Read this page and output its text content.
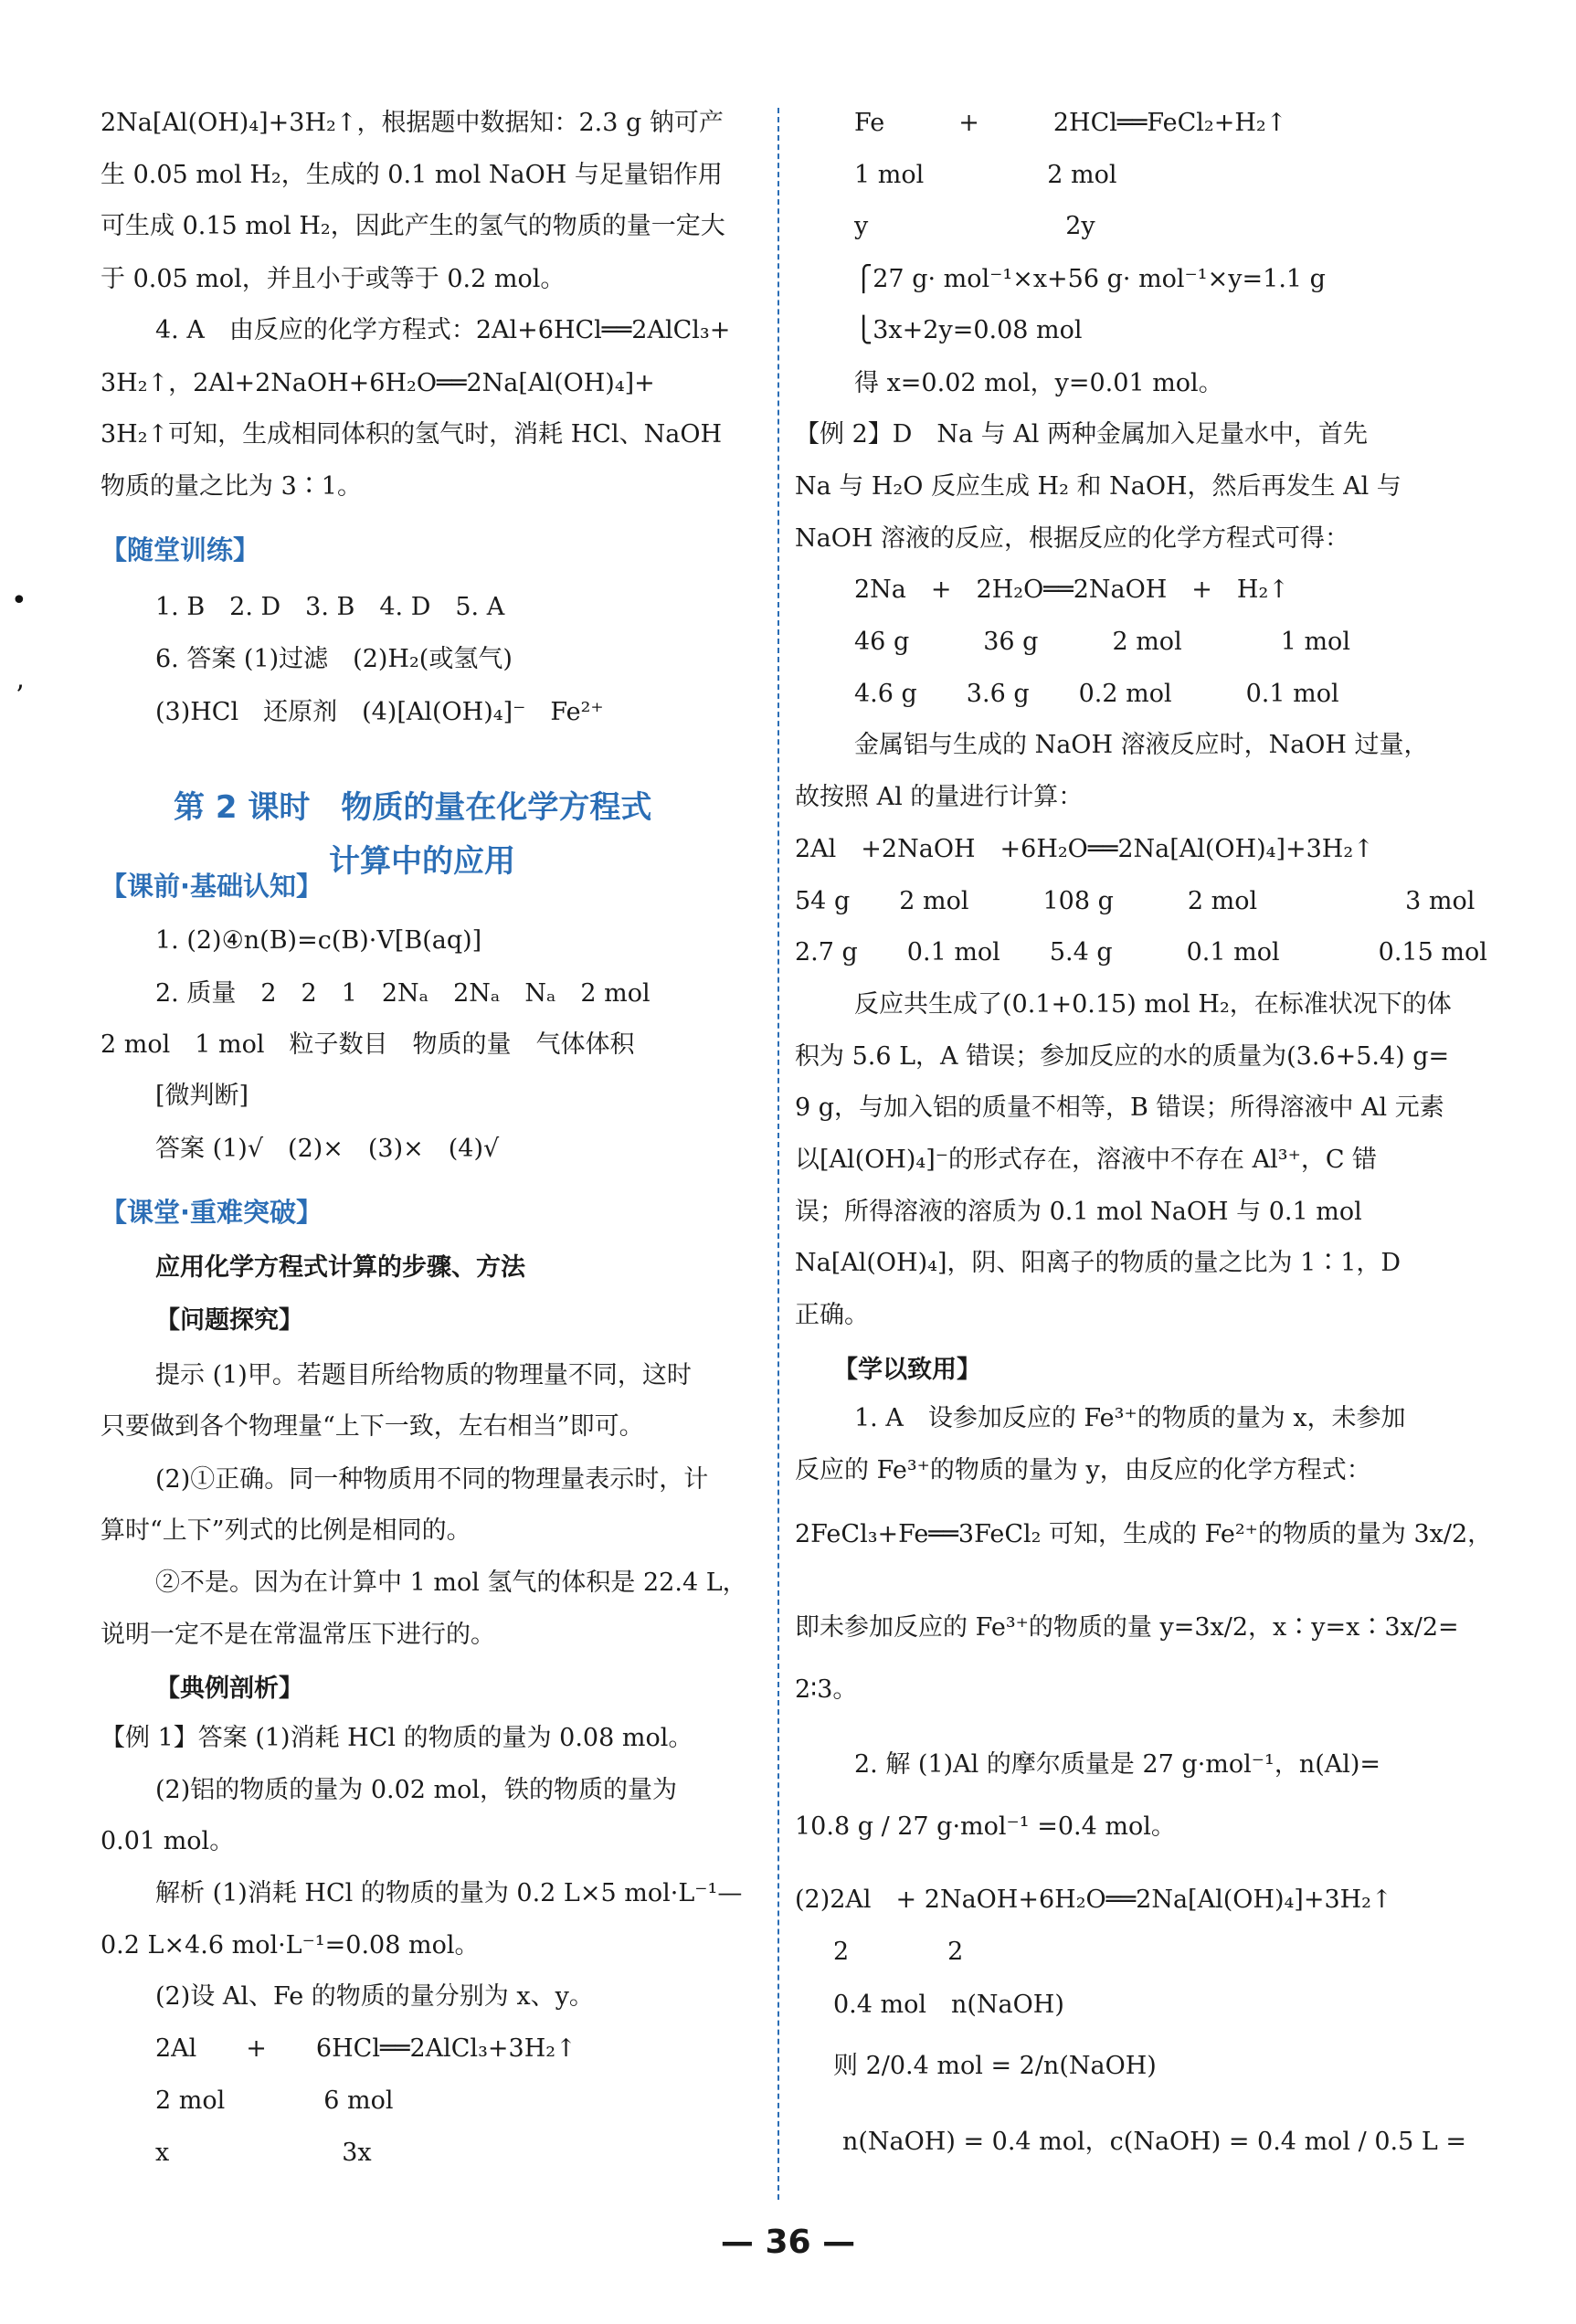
2Na[Al(OH)₄]+3H₂↑，根据题中数据知：2.3 g 钠可产
生 0.05 mol H₂，生成的 0.1 mol NaOH 与足量铝作用
可生成 0.15 mol H₂，因此产生的氢气的物质的量一定大
于 0.05 mol，并且小于或等于 0.2 mol。
4. A　由反应的化学方程式：2Al+6HCl══2AlCl₃+
3H₂↑，2Al+2NaOH+6H₂O══2Na[Al(OH)₄]+
3H₂↑可知，生成相同体积的氢气时，消耗 HCl、NaOH
物质的量之比为 3∶1。
1. B　2. D　3. B　4. D　5. A
6. 答案 (1)过滤　(2)H₂(或氢气)
(3)HCl　还原剂　(4)[Al(OH)₄]⁻　Fe²⁺
1. (2)④n(B)=c(B)·V[B(aq)]
2. 质量　2　2　1　2Nₐ　2Nₐ　Nₐ　2 mol
2 mol　1 mol　粒子数目　物质的量　气体体积
[微判断]
答案 (1)√　(2)×　(3)×　(4)√
提示 (1)甲。若题目所给物质的物理量不同，这时
只要做到各个物理量“上下一致，左右相当”即可。
(2)①正确。同一种物质用不同的物理量表示时，计
算时“上下”列式的比例是相同的。
②不是。因为在计算中 1 mol 氢气的体积是 22.4 L，
说明一定不是在常温常压下进行的。
【例 1】答案 (1)消耗 HCl 的物质的量为 0.08 mol。
(2)铝的物质的量为 0.02 mol，铁的物质的量为
0.01 mol。
解析 (1)消耗 HCl 的物质的量为 0.2 L×5 mol·L⁻¹—
0.2 L×4.6 mol·L⁻¹=0.08 mol。
(2)设 Al、Fe 的物质的量分别为 x、y。
2Al　　+　　6HCl══2AlCl₃+3H₂↑
2 mol　　　　6 mol
x　　　　　　　3x
【随堂训练】
【课前·基础认知】
【课堂·重难突破】
应用化学方程式计算的步骤、方法
【问题探究】
【典例剖析】
第 2 课时　物质的量在化学方程式
计算中的应用
Fe　　　+　　　2HCl══FeCl₂+H₂↑
1 mol　　　　　2 mol
y　　　　　　　　2y
⎧27 g· mol⁻¹×x+56 g· mol⁻¹×y=1.1 g
⎩3x+2y=0.08 mol
得 x=0.02 mol，y=0.01 mol。
【例 2】D　Na 与 Al 两种金属加入足量水中，首先
Na 与 H₂O 反应生成 H₂ 和 NaOH，然后再发生 Al 与
NaOH 溶液的反应，根据反应的化学方程式可得：
2Na　+　2H₂O══2NaOH　+　H₂↑
46 g　　　36 g　　　2 mol　　　　1 mol
4.6 g　　3.6 g　　0.2 mol　　　0.1 mol
金属铝与生成的 NaOH 溶液反应时，NaOH 过量，
故按照 Al 的量进行计算：
2Al　+2NaOH　+6H₂O══2Na[Al(OH)₄]+3H₂↑
54 g　　2 mol　　　108 g　　　2 mol　　　　　　3 mol
2.7 g　　0.1 mol　　5.4 g　　　0.1 mol　　　　0.15 mol
反应共生成了(0.1+0.15) mol H₂，在标准状况下的体
积为 5.6 L，A 错误；参加反应的水的质量为(3.6+5.4) g=
9 g，与加入铝的质量不相等，B 错误；所得溶液中 Al 元素
以[Al(OH)₄]⁻的形式存在，溶液中不存在 Al³⁺，C 错
误；所得溶液的溶质为 0.1 mol NaOH 与 0.1 mol
Na[Al(OH)₄]，阴、阳离子的物质的量之比为 1∶1，D
正确。
1. A　设参加反应的 Fe³⁺的物质的量为 x，未参加
反应的 Fe³⁺的物质的量为 y，由反应的化学方程式：
2FeCl₃+Fe══3FeCl₂ 可知，生成的 Fe²⁺的物质的量为 3x/2，
即未参加反应的 Fe³⁺的物质的量 y=3x/2，x∶y=x∶3x/2=
2∶3。
2. 解 (1)Al 的摩尔质量是 27 g·mol⁻¹，n(Al)=
10.8 g / 27 g·mol⁻¹ =0.4 mol。
(2)2Al　+ 2NaOH+6H₂O══2Na[Al(OH)₄]+3H₂↑
2　　　　2
0.4 mol　n(NaOH)
则 2/0.4 mol = 2/n(NaOH)
n(NaOH) = 0.4 mol，c(NaOH) = 0.4 mol / 0.5 L =
【学以致用】
•
ʼ
— 36 —
